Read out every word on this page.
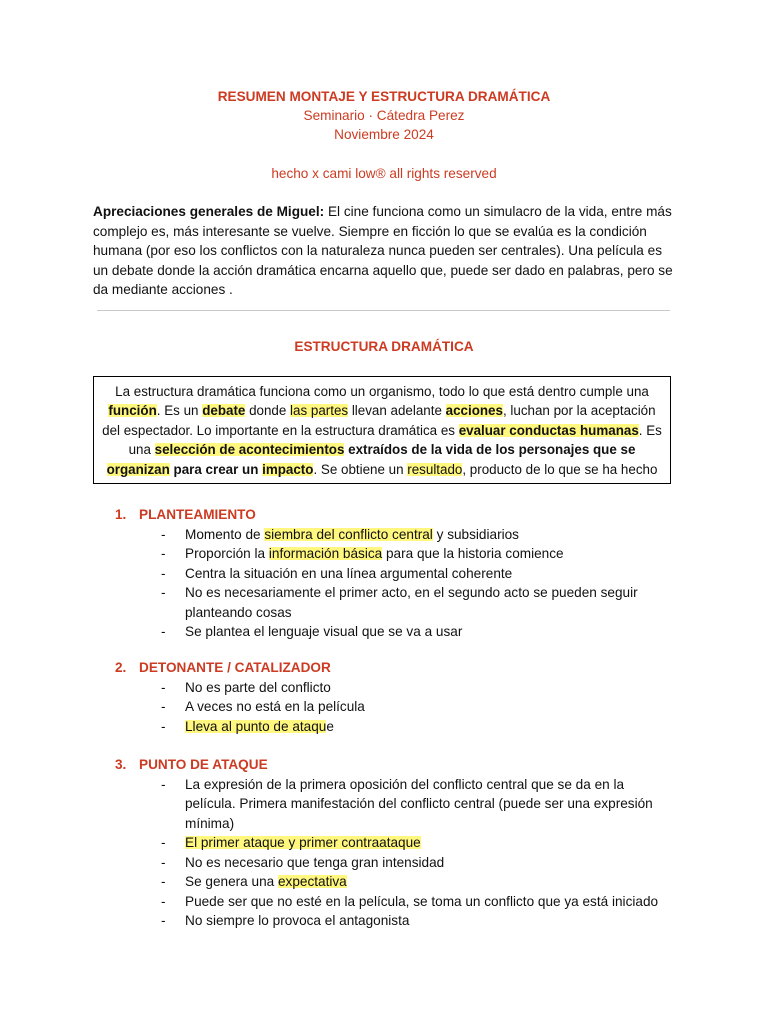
RESUMEN MONTAJE Y ESTRUCTURA DRAMÁTICA
Seminario · Cátedra Perez
Noviembre 2024
hecho x cami low® all rights reserved
Apreciaciones generales de Miguel: El cine funciona como un simulacro de la vida, entre más complejo es, más interesante se vuelve. Siempre en ficción lo que se evalúa es la condición humana (por eso los conflictos con la naturaleza nunca pueden ser centrales). Una película es un debate donde la acción dramática encarna aquello que, puede ser dado en palabras, pero se da mediante acciones .
ESTRUCTURA DRAMÁTICA
La estructura dramática funciona como un organismo, todo lo que está dentro cumple una función. Es un debate donde las partes llevan adelante acciones, luchan por la aceptación del espectador. Lo importante en la estructura dramática es evaluar conductas humanas. Es una selección de acontecimientos extraídos de la vida de los personajes que se organizan para crear un impacto. Se obtiene un resultado, producto de lo que se ha hecho
1. PLANTEAMIENTO
- Momento de siembra del conflicto central y subsidiarios
- Proporción la información básica para que la historia comience
- Centra la situación en una línea argumental coherente
- No es necesariamente el primer acto, en el segundo acto se pueden seguir planteando cosas
- Se plantea el lenguaje visual que se va a usar
2. DETONANTE / CATALIZADOR
- No es parte del conflicto
- A veces no está en la película
- Lleva al punto de ataque
3. PUNTO DE ATAQUE
- La expresión de la primera oposición del conflicto central que se da en la película. Primera manifestación del conflicto central (puede ser una expresión mínima)
- El primer ataque y primer contraataque
- No es necesario que tenga gran intensidad
- Se genera una expectativa
- Puede ser que no esté en la película, se toma un conflicto que ya está iniciado
- No siempre lo provoca el antagonista
